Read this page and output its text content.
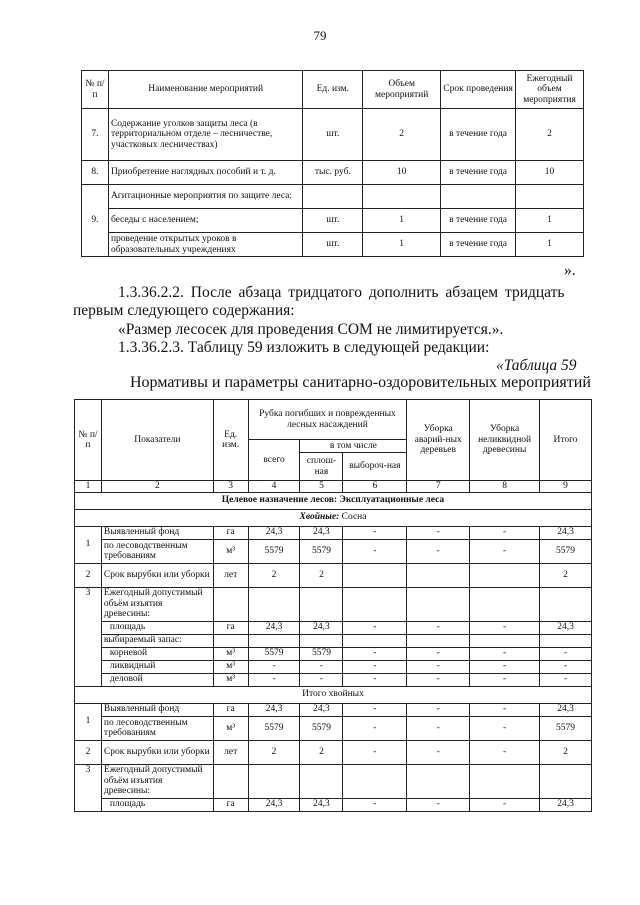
79
№ п/п	Наименование мероприятий	Ед. изм.	Объем мероприятий	Срок проведения	Ежегодный объем мероприятия
7.	Содержание уголков защиты леса (в территориальном отделе – лесничестве, участковых лесничествах)	шт.	2	в течение года	2
8.	Приобретение наглядных пособий и т. д.	тыс. руб.	10	в течение года	10
9.	Агитационные мероприятия по защите леса:				
	беседы с населением;	шт.	1	в течение года	1
	проведение открытых уроков в образовательных учреждениях	шт.	1	в течение года	1
».
1.3.36.2.2. После абзаца тридцатого дополнить абзацем тридцать
первым следующего содержания:
«Размер лесосек для проведения СОМ не лимитируется.».
1.3.36.2.3. Таблицу 59 изложить в следующей редакции:
«Таблица 59
Нормативы и параметры санитарно-оздоровительных мероприятий
№ п/п	Показатели	Ед. изм.	Рубка погибших и поврежденных лесных насаждений			Уборка аварий-ных деревьев	Уборка неликвидной древесины	Итого
			всего	в том числе				
				сплош-ная	выбороч-ная			
1	2	3	4	5	6	7	8	9
Целевое назначение лесов: Эксплуатационные леса								
Хвойные: Сосна								
1	Выявленный фонд	га	24,3	24,3	-	-	-	24,3
	по лесоводственным требованиям	м³	5579	5579	-	-	-	5579
2	Срок вырубки или уборки	лет	2	2				2
3	Ежегодный допустимый объём изъятия древесины:							
	площадь	га	24,3	24,3	-	-	-	24,3
	выбираемый запас:							
	корневой	м³	5579	5579	-	-	-	-
	ликвидный	м³	-	-	-	-	-	-
	деловой	м³	-	-	-	-	-	-
Итого хвойных								
1	Выявленный фонд	га	24,3	24,3	-	-	-	24,3
	по лесоводственным требованиям	м³	5579	5579	-	-	-	5579
2	Срок вырубки или уборки	лет	2	2	-	-	-	2
3	Ежегодный допустимый объём изъятия древесины:							
	площадь	га	24,3	24,3	-	-	-	24,3
